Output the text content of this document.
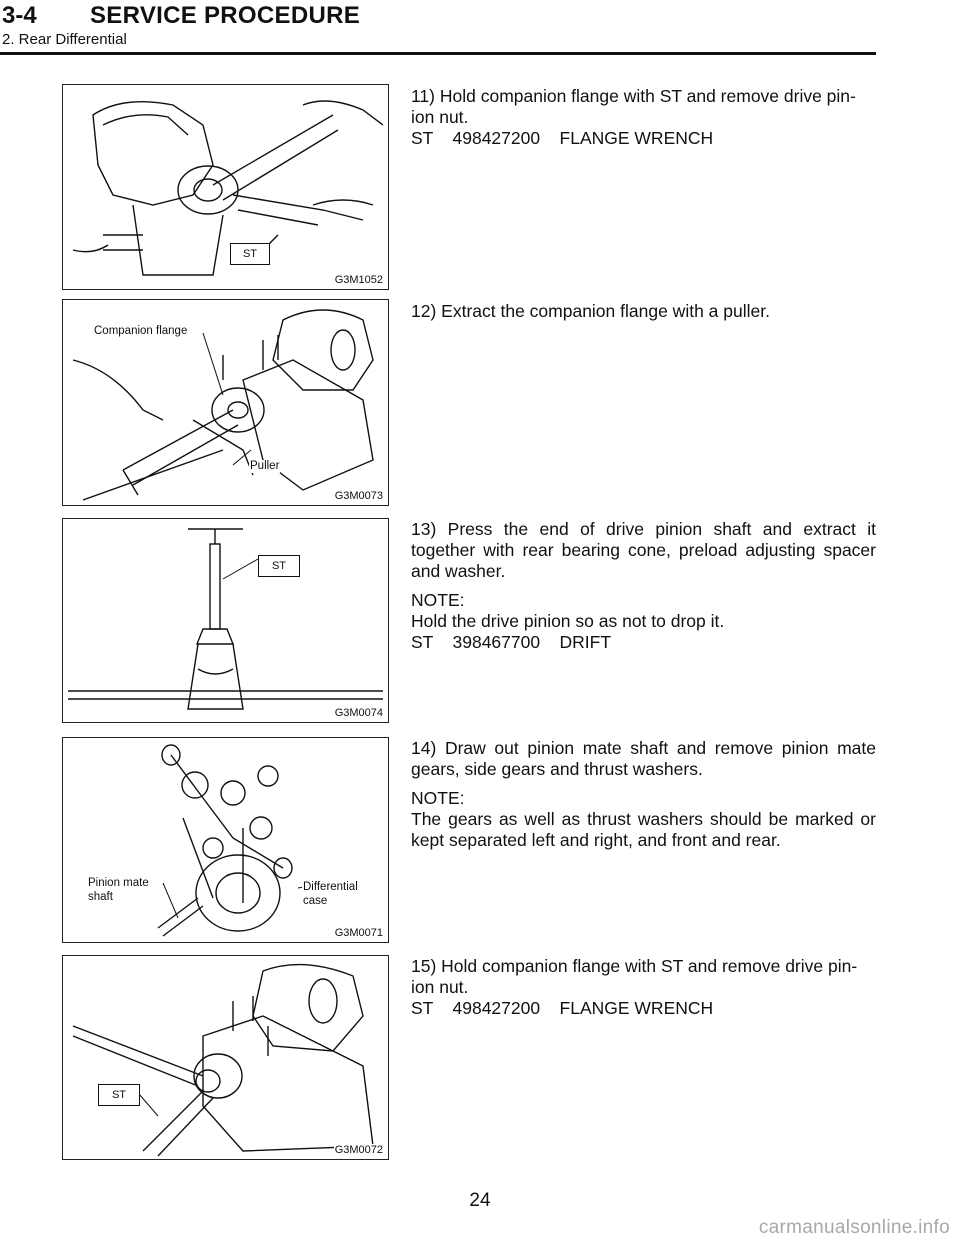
3-4 SERVICE PROCEDURE
2. Rear Differential
ST
G3M1052

11) Hold companion flange with ST and remove drive pin-

ion nut.

ST    498427200    FLANGE WRENCH

Companion flange
Puller
G3M0073

12) Extract the companion flange with a puller.

ST
G3M0074

13) Press the end of drive pinion shaft and extract it together with rear bearing cone, preload adjusting spacer and washer.

NOTE:

Hold the drive pinion so as not to drop it.

ST    398467700    DRIFT

Pinion mate
shaft
Differential
case
G3M0071

14) Draw out pinion mate shaft and remove pinion mate gears, side gears and thrust washers.

NOTE:

The gears as well as thrust washers should be marked or kept separated left and right, and front and rear.

ST
G3M0072

15) Hold companion flange with ST and remove drive pin-

ion nut.

ST    498427200    FLANGE WRENCH

24
carmanualsonline.info
